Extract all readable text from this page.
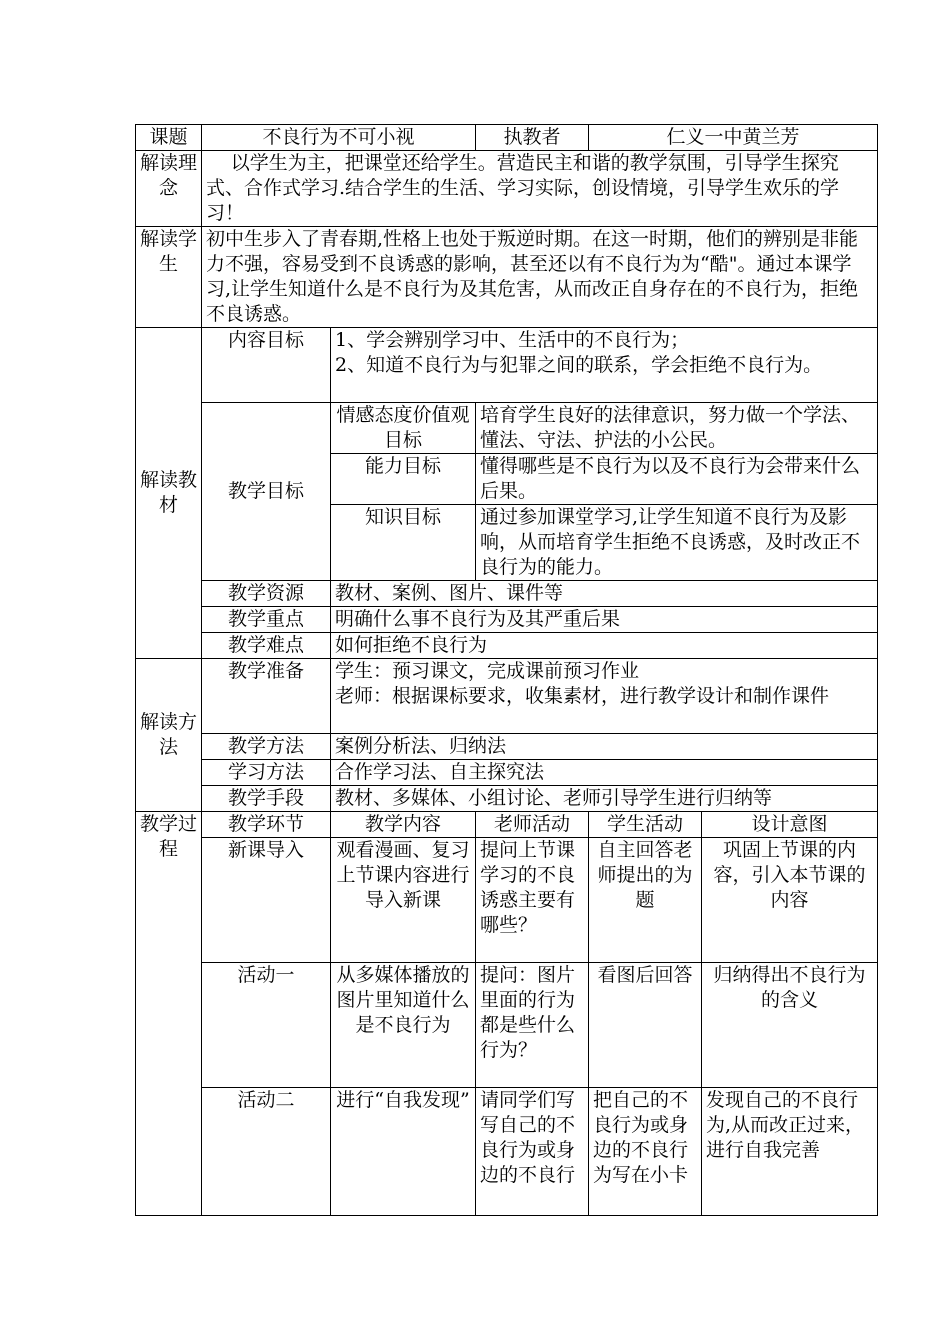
课题	不良行为不可小视		执教者	仁义一中黄兰芳	
解读理念	以学生为主，把课堂还给学生。营造民主和谐的教学氛围，引导学生探究式、合作式学习.结合学生的生活、学习实际，创设情境，引导学生欢乐的学习！				
解读学生	初中生步入了青春期,性格上也处于叛逆时期。在这一时期，他们的辨别是非能力不强，容易受到不良诱惑的影响，甚至还以有不良行为为“酷"。通过本课学习,让学生知道什么是不良行为及其危害，从而改正自身存在的不良行为，拒绝不良诱惑。				
解读教材	内容目标	1、学会辨别学习中、生活中的不良行为；
2、知道不良行为与犯罪之间的联系，学会拒绝不良行为。			

	教学目标	情感态度价值观目标	培育学生良好的法律意识，努力做一个学法、懂法、守法、护法的小公民。		
		能力目标	懂得哪些是不良行为以及不良行为会带来什么后果。		
		知识目标	通过参加课堂学习,让学生知道不良行为及影响，从而培育学生拒绝不良诱惑，及时改正不良行为的能力。		
	教学资源	教材、案例、图片、课件等			
	教学重点	明确什么事不良行为及其严重后果			
	教学难点	如何拒绝不良行为			
解读方法	教学准备	学生：预习课文，完成课前预习作业
老师：根据课标要求，收集素材，进行教学设计和制作课件			

	教学方法	案例分析法、归纳法			
	学习方法	合作学习法、自主探究法			
	教学手段	教材、多媒体、小组讨论、老师引导学生进行归纳等			
教学过程	教学环节	教学内容	老师活动	学生活动	设计意图
	新课导入	观看漫画、复习上节课内容进行导入新课	提问上节课学习的不良诱惑主要有哪些？	自主回答老师提出的为题	巩固上节课的内容，引入本节课的内容
	活动一	从多媒体播放的图片里知道什么是不良行为	提问：图片里面的行为都是些什么行为？	看图后回答	归纳得出不良行为的含义
	活动二	进行“自我发现”	请同学们写写自己的不良行为或身边的不良行	把自己的不良行为或身边的不良行为写在小卡	发现自己的不良行为,从而改正过来，进行自我完善
